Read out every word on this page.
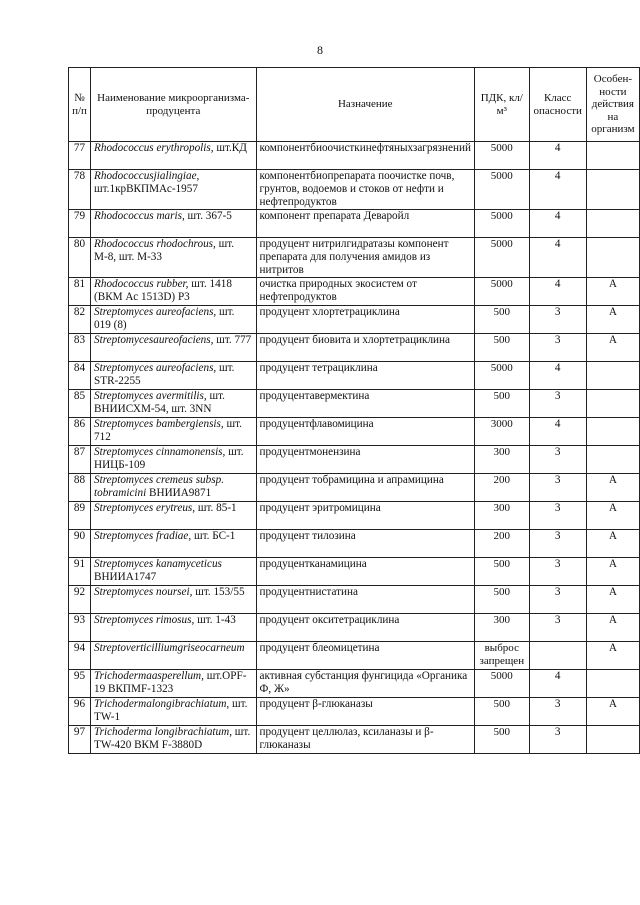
8
№ п/п	Наименование микроорганизма-продуцента	Назначение	ПДК, кл/м³	Класс опасности	Особен-ности действия на организм
77	Rhodococcus erythropolis, шт.КД	компонентбиоочисткинефтяныхзагрязнений	5000	4	
78	Rhodococcusjialingiae, шт.1крВКПМАс-1957	компонентбиопрепарата поочистке почв, грунтов, водоемов и стоков от нефти и нефтепродуктов	5000	4	
79	Rhodococcus maris, шт. 367-5	компонент препарата Деваройл	5000	4	
80	Rhodococcus rhodochrous, шт. М-8, шт. М-33	продуцент нитрилгидратазы компонент препарата для получения амидов из нитритов	5000	4	
81	Rhodococcus rubber, шт. 1418 (ВКМ Ас 1513D) Р3	очистка природных экосистем от нефтепродуктов	5000	4	А
82	Streptomyces aureofaciens, шт. 019 (8)	продуцент хлортетрациклина	500	3	А
83	Streptomycesaureofaciens, шт. 777	продуцент биовита и хлортетрациклина	500	3	А
84	Streptomyces aureofaciens, шт. STR-2255	продуцент тетрациклина	5000	4	
85	Streptomyces avermitilis, шт. ВНИИСХМ-54, шт. 3NN	продуцентавермектина	500	3	
86	Streptomyces bambergiensis, шт. 712	продуцентфлавомицина	3000	4	
87	Streptomyces cinnamonensis, шт. НИЦБ-109	продуцентмонензина	300	3	
88	Streptomyces cremeus subsp. tobramicini ВНИИА9871	продуцент тобрамицина и апрамицина	200	3	А
89	Streptomyces erytreus, шт. 85-1	продуцент эритромицина	300	3	А
90	Streptomyces fradiae, шт. БС-1	продуцент тилозина	200	3	А
91	Streptomyces kanamyceticus ВНИИА1747	продуцентканамицина	500	3	А
92	Streptomyces noursei, шт. 153/55	продуцентнистатина	500	3	А
93	Streptomyces rimosus, шт. 1-43	продуцент окситетрациклина	300	3	А
94	Streptoverticilliumgriseocarneum	продуцент блеомицетина	выброс запрещен		А
95	Trichodermaasperellum, шт.OPF-19 ВКПМF-1323	активная субстанция фунгицида «Органика Ф, Ж»	5000	4	
96	Trichodermalongibrachiatum, шт. TW-1	продуцент β-глюканазы	500	3	А
97	Trichoderma longibrachiatum, шт. TW-420 ВКМ F-3880D	продуцент целлюлаз, ксиланазы и β-глюканазы	500	3	
